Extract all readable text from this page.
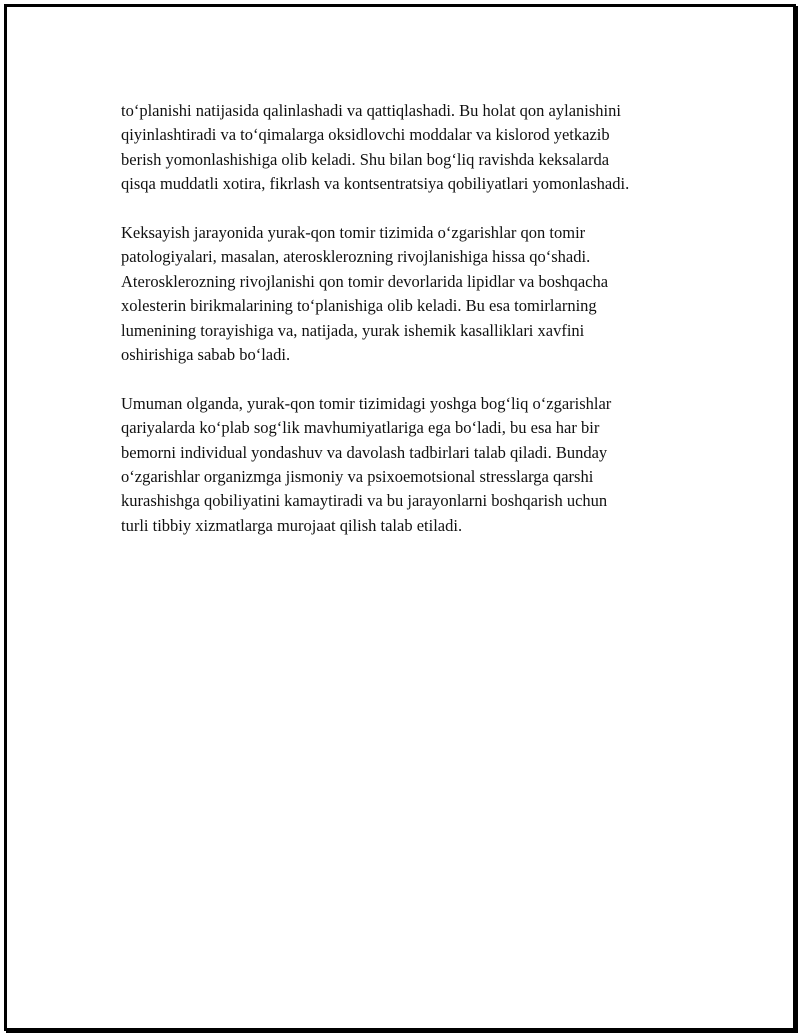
to‘planishi natijasida qalinlashadi va qattiqlashadi. Bu holat qon aylanishini
qiyinlashtiradi va to‘qimalarga oksidlovchi moddalar va kislorod yetkazib
berish yomonlashishiga olib keladi. Shu bilan bog‘liq ravishda keksalarda
qisqa muddatli xotira, fikrlash va kontsentratsiya qobiliyatlari yomonlashadi.

Keksayish jarayonida yurak-qon tomir tizimida o‘zgarishlar qon tomir
patologiyalari, masalan, aterosklerozning rivojlanishiga hissa qo‘shadi.
Aterosklerozning rivojlanishi qon tomir devorlarida lipidlar va boshqacha
xolesterin birikmalarining to‘planishiga olib keladi. Bu esa tomirlarning
lumenining torayishiga va, natijada, yurak ishemik kasalliklari xavfini
oshirishiga sabab bo‘ladi.

Umuman olganda, yurak-qon tomir tizimidagi yoshga bog‘liq o‘zgarishlar
qariyalarda ko‘plab sog‘lik mavhumiyatlariga ega bo‘ladi, bu esa har bir
bemorni individual yondashuv va davolash tadbirlari talab qiladi. Bunday
o‘zgarishlar organizmga jismoniy va psixoemotsional stresslarga qarshi
kurashishga qobiliyatini kamaytiradi va bu jarayonlarni boshqarish uchun
turli tibbiy xizmatlarga murojaat qilish talab etiladi.
